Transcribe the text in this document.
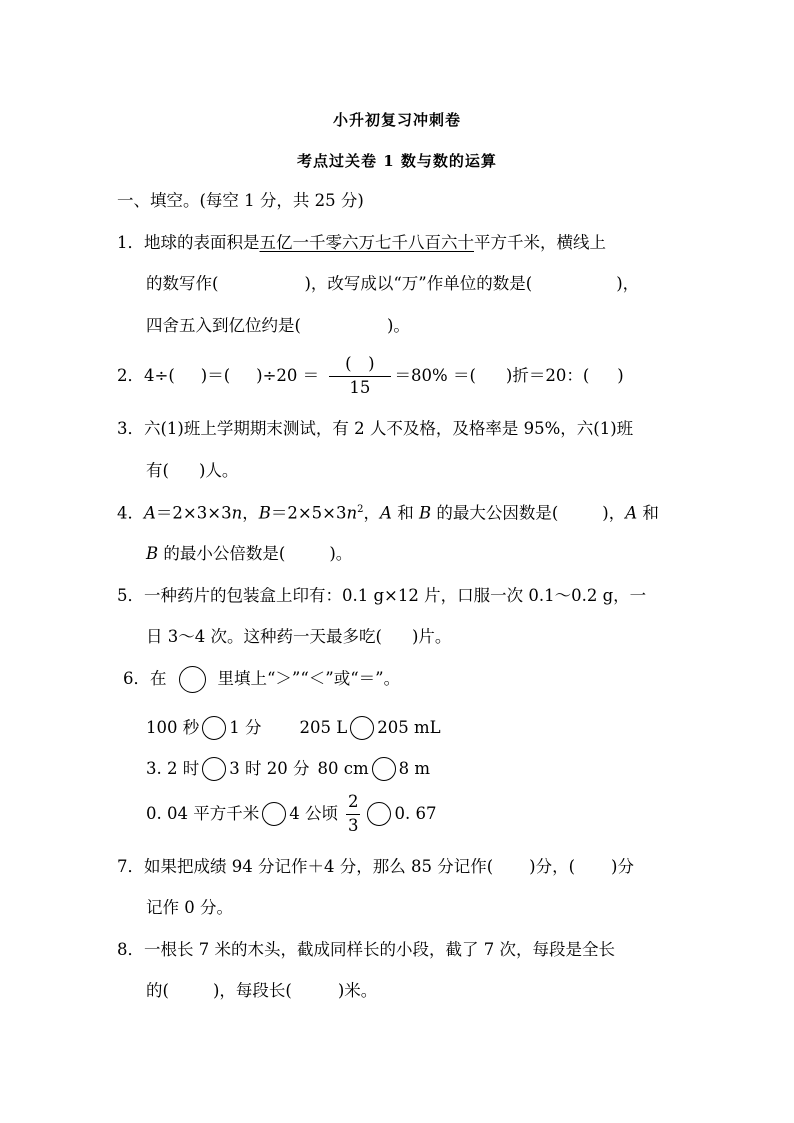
小升初复习冲刺卷
考点过关卷 1 数与数的运算
一、填空。(每空 1 分，共 25 分)
1．地球的表面积是五亿一千零六万七千八百六十平方千米，横线上
的数写作(	)，改写成以“万”作单位的数是(	)，
四舍五入到亿位约是(	)。
2． 4÷( )＝( )$\div 20 = \frac{( )}{15} =80\%$ ＝( )折＝20：( )
3．六(1)班上学期期末测试，有 2 人不及格，及格率是 95%，六(1)班
有( )人。
4．A＝2×3×3n，$B=2\times 5\times 3n^2$，A 和 B 的最大公因数是(	)，A 和
B 的最小公倍数是(	)。
5．一种药片的包装盒上印有：0.1 g×12 片，口服一次 0.1～0.2 g，一
日 3～4 次。这种药一天最多吃( )片。
6． 在	里填上“＞”“＜”或“＝”。
100 秒 1 分 205 L 205 mL
3. 2 时 3 时 20 分 80 cm 8 m
0. 04 平方千米 4 公顷 $\frac{2}{3} 0$. 67
7．如果把成绩 94 分记作＋4 分，那么 85 分记作( )分，( )分
记作 0 分。
8．一根长 7 米的木头，截成同样长的小段，截了 7 次，每段是全长
的(	)，每段长(	)米。
